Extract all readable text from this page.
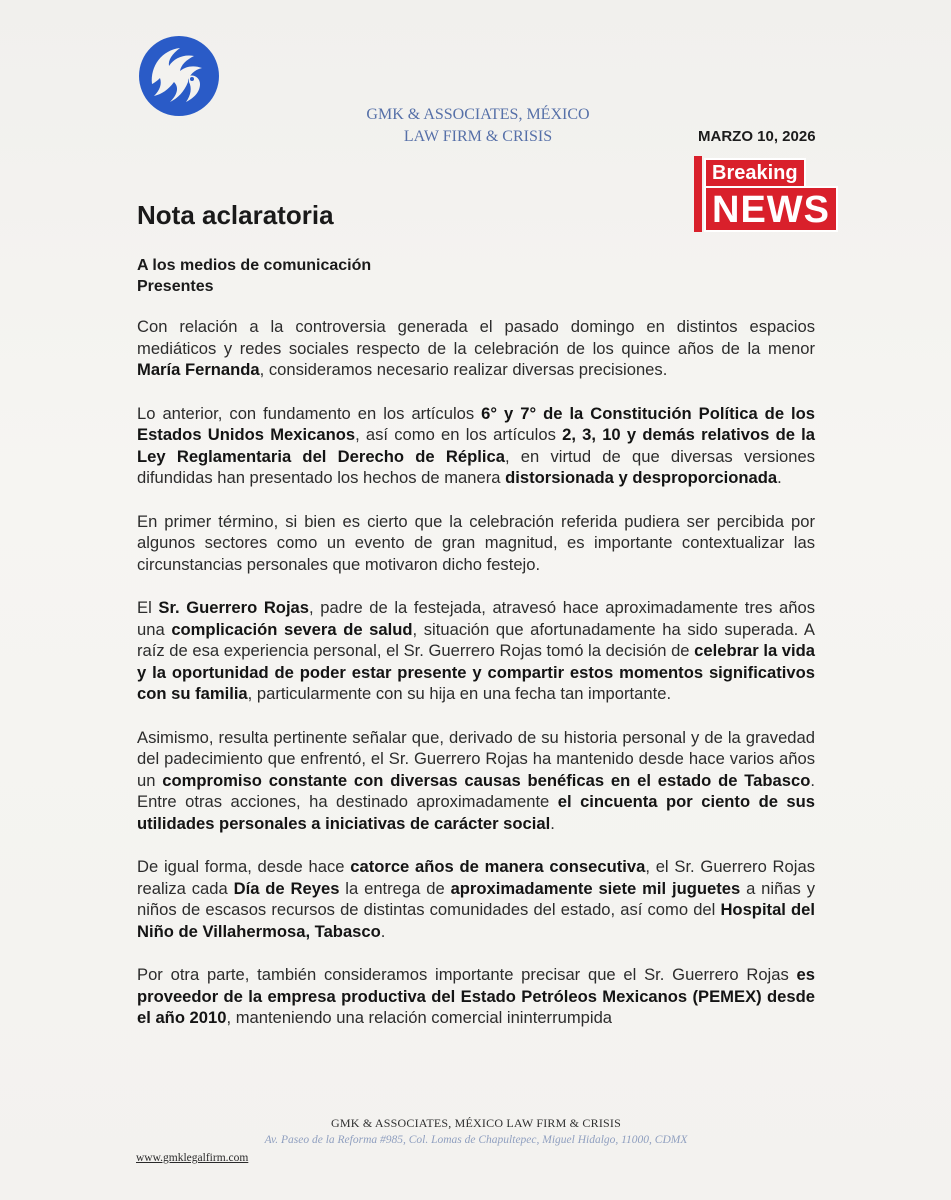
GMK & ASSOCIATES, MÉXICO
LAW FIRM & CRISIS	MARZO 10, 2026
Breaking
NEWS
Nota aclaratoria
A los medios de comunicación
Presentes

Con relación a la controversia generada el pasado domingo en distintos espacios mediáticos y redes sociales respecto de la celebración de los quince años de la menor María Fernanda, consideramos necesario realizar diversas precisiones.

Lo anterior, con fundamento en los artículos 6° y 7° de la Constitución Política de los Estados Unidos Mexicanos, así como en los artículos 2, 3, 10 y demás relativos de la Ley Reglamentaria del Derecho de Réplica, en virtud de que diversas versiones difundidas han presentado los hechos de manera distorsionada y desproporcionada.

En primer término, si bien es cierto que la celebración referida pudiera ser percibida por algunos sectores como un evento de gran magnitud, es importante contextualizar las circunstancias personales que motivaron dicho festejo.

El Sr. Guerrero Rojas, padre de la festejada, atravesó hace aproximadamente tres años una complicación severa de salud, situación que afortunadamente ha sido superada. A raíz de esa experiencia personal, el Sr. Guerrero Rojas tomó la decisión de celebrar la vida y la oportunidad de poder estar presente y compartir estos momentos significativos con su familia, particularmente con su hija en una fecha tan importante.

Asimismo, resulta pertinente señalar que, derivado de su historia personal y de la gravedad del padecimiento que enfrentó, el Sr. Guerrero Rojas ha mantenido desde hace varios años un compromiso constante con diversas causas benéficas en el estado de Tabasco. Entre otras acciones, ha destinado aproximadamente el cincuenta por ciento de sus utilidades personales a iniciativas de carácter social.

De igual forma, desde hace catorce años de manera consecutiva, el Sr. Guerrero Rojas realiza cada Día de Reyes la entrega de aproximadamente siete mil juguetes a niñas y niños de escasos recursos de distintas comunidades del estado, así como del Hospital del Niño de Villahermosa, Tabasco.

Por otra parte, también consideramos importante precisar que el Sr. Guerrero Rojas es proveedor de la empresa productiva del Estado Petróleos Mexicanos (PEMEX) desde el año 2010, manteniendo una relación comercial ininterrumpida

GMK & ASSOCIATES, MÉXICO LAW FIRM & CRISIS
Av. Paseo de la Reforma #985, Col. Lomas de Chapultepec, Miguel Hidalgo, 11000, CDMX
www.gmklegalfirm.com
